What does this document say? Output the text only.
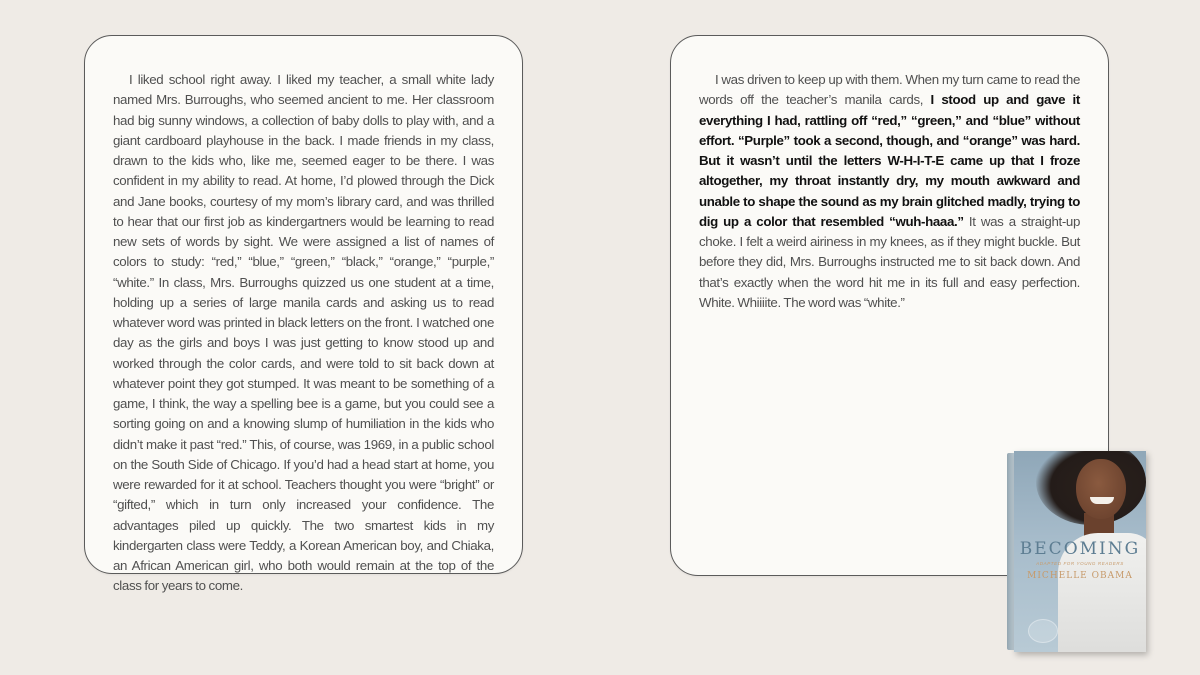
I liked school right away. I liked my teacher, a small white lady named Mrs. Burroughs, who seemed ancient to me. Her classroom had big sunny windows, a collection of baby dolls to play with, and a giant cardboard playhouse in the back. I made friends in my class, drawn to the kids who, like me, seemed eager to be there. I was confident in my ability to read. At home, I’d plowed through the Dick and Jane books, courtesy of my mom’s library card, and was thrilled to hear that our first job as kindergartners would be learning to read new sets of words by sight. We were assigned a list of names of colors to study: “red,” “blue,” “green,” “black,” “orange,” “purple,” “white.” In class, Mrs. Burroughs quizzed us one student at a time, holding up a series of large manila cards and asking us to read whatever word was printed in black letters on the front. I watched one day as the girls and boys I was just getting to know stood up and worked through the color cards, and were told to sit back down at whatever point they got stumped. It was meant to be something of a game, I think, the way a spelling bee is a game, but you could see a sorting going on and a knowing slump of humiliation in the kids who didn’t make it past “red.” This, of course, was 1969, in a public school on the South Side of Chicago. If you’d had a head start at home, you were rewarded for it at school. Teachers thought you were “bright” or “gifted,” which in turn only increased your confidence. The advantages piled up quickly. The two smartest kids in my kindergarten class were Teddy, a Korean American boy, and Chiaka, an African American girl, who both would remain at the top of the class for years to come.

I was driven to keep up with them. When my turn came to read the words off the teacher’s manila cards, I stood up and gave it everything I had, rattling off “red,” “green,” and “blue” without effort. “Purple” took a second, though, and “orange” was hard. But it wasn’t until the letters W-H-I-T-E came up that I froze altogether, my throat instantly dry, my mouth awkward and unable to shape the sound as my brain glitched madly, trying to dig up a color that resembled “wuh-haaa.” It was a straight-up choke. I felt a weird airiness in my knees, as if they might buckle. But before they did, Mrs. Burroughs instructed me to sit back down. And that’s exactly when the word hit me in its full and easy perfection. White. Whiiiite. The word was “white.”

BECOMING

ADAPTED FOR YOUNG READERS

MICHELLE OBAMA
